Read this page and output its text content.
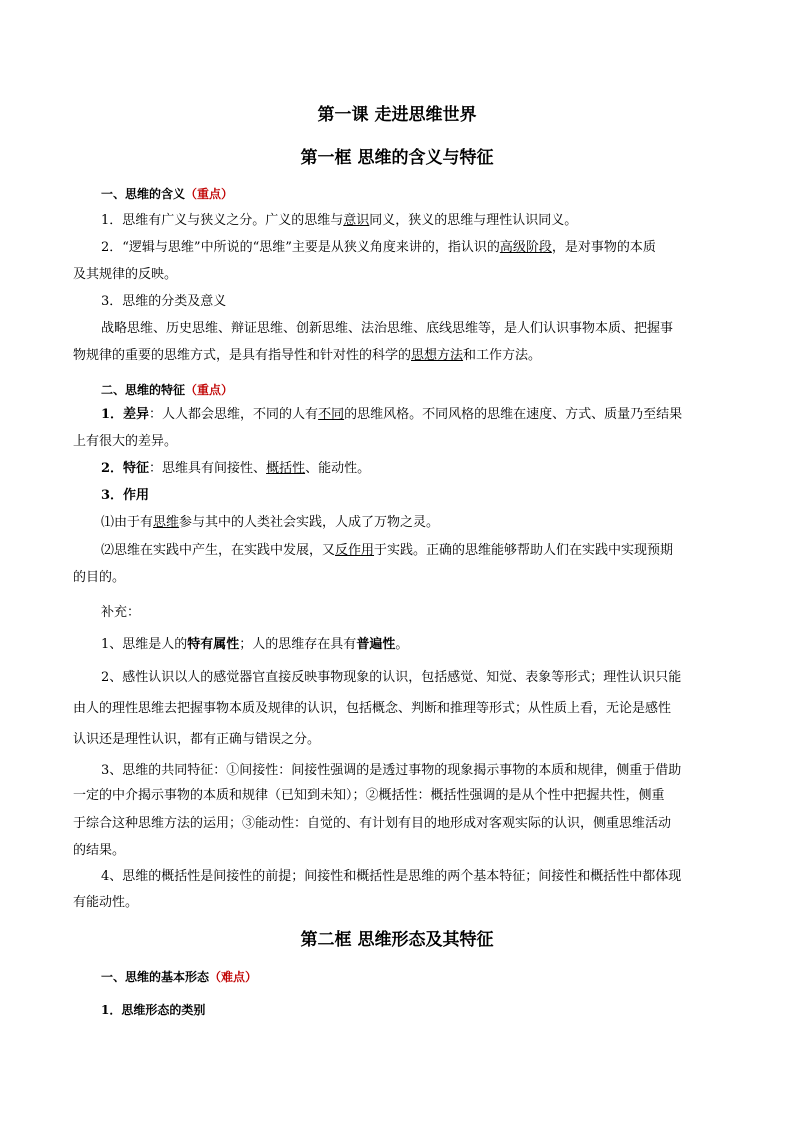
第一课 走进思维世界
第一框 思维的含义与特征
一、思维的含义（重点）
1．思维有广义与狭义之分。广义的思维与意识同义，狭义的思维与理性认识同义。
2．“逻辑与思维”中所说的“思维”主要是从狭义角度来讲的，指认识的高级阶段，是对事物的本质
及其规律的反映。
3．思维的分类及意义
战略思维、历史思维、辩证思维、创新思维、法治思维、底线思维等，是人们认识事物本质、把握事
物规律的重要的思维方式，是具有指导性和针对性的科学的思想方法和工作方法。
二、思维的特征（重点）
1．差异：人人都会思维，不同的人有不同的思维风格。不同风格的思维在速度、方式、质量乃至结果
上有很大的差异。
2．特征：思维具有间接性、概括性、能动性。
3．作用
⑴由于有思维参与其中的人类社会实践，人成了万物之灵。
⑵思维在实践中产生，在实践中发展，又反作用于实践。正确的思维能够帮助人们在实践中实现预期
的目的。
补充：
1、思维是人的特有属性；人的思维存在具有普遍性。
2、感性认识以人的感觉器官直接反映事物现象的认识，包括感觉、知觉、表象等形式；理性认识只能
由人的理性思维去把握事物本质及规律的认识，包括概念、判断和推理等形式；从性质上看，无论是感性
认识还是理性认识，都有正确与错误之分。
3、思维的共同特征：①间接性：间接性强调的是透过事物的现象揭示事物的本质和规律，侧重于借助
一定的中介揭示事物的本质和规律（已知到未知）；②概括性：概括性强调的是从个性中把握共性，侧重
于综合这种思维方法的运用；③能动性：自觉的、有计划有目的地形成对客观实际的认识，侧重思维活动
的结果。
4、思维的概括性是间接性的前提；间接性和概括性是思维的两个基本特征；间接性和概括性中都体现
有能动性。
第二框 思维形态及其特征
一、思维的基本形态（难点）
1．思维形态的类别
